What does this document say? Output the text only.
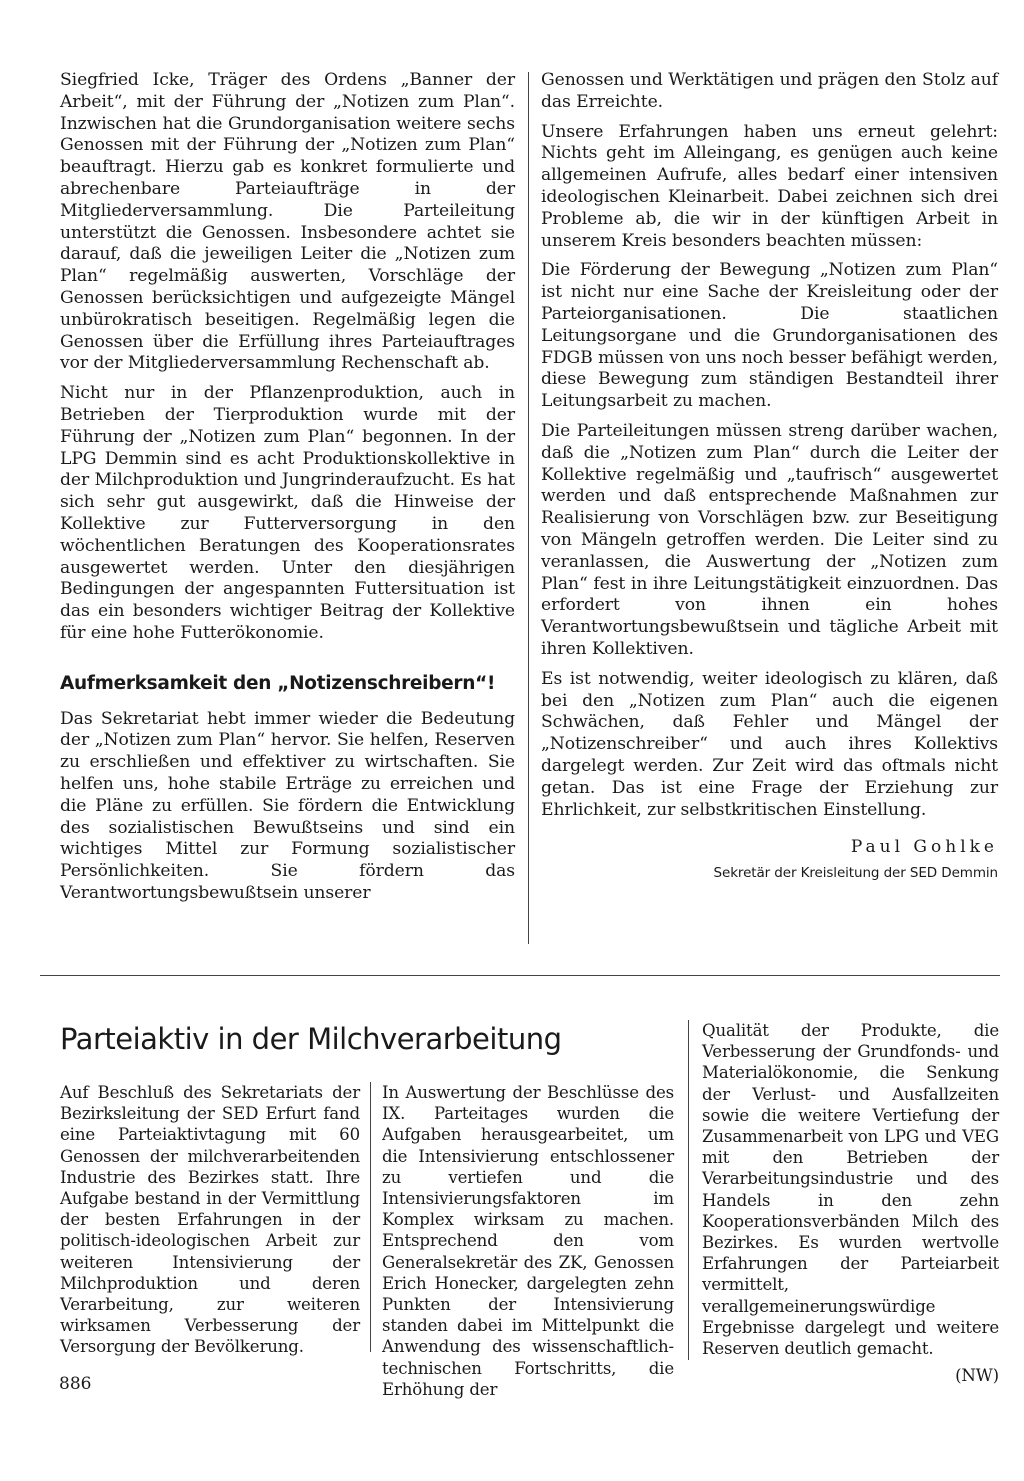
Siegfried Icke, Träger des Ordens „Banner der Arbeit“, mit der Führung der „Notizen zum Plan“. Inzwischen hat die Grundorganisation weitere sechs Genossen mit der Führung der „Notizen zum Plan“ beauftragt. Hierzu gab es konkret formulierte und abrechenbare Parteiaufträge in der Mitgliederversammlung. Die Parteileitung unterstützt die Genossen. Insbesondere achtet sie darauf, daß die jeweiligen Leiter die „Notizen zum Plan“ regelmäßig auswerten, Vorschläge der Genossen berücksichtigen und aufgezeigte Mängel unbürokratisch beseitigen. Regelmäßig legen die Genossen über die Erfüllung ihres Parteiauftrages vor der Mitgliederversammlung Rechenschaft ab.

Nicht nur in der Pflanzenproduktion, auch in Betrieben der Tierproduktion wurde mit der Führung der „Notizen zum Plan“ begonnen. In der LPG Demmin sind es acht Produktionskollektive in der Milchproduktion und Jungrinderaufzucht. Es hat sich sehr gut ausgewirkt, daß die Hinweise der Kollektive zur Futterversorgung in den wöchentlichen Beratungen des Kooperationsrates ausgewertet werden. Unter den diesjährigen Bedingungen der angespannten Futtersituation ist das ein besonders wichtiger Beitrag der Kollektive für eine hohe Futterökonomie.

Aufmerksamkeit den „Notizenschreibern“!

Das Sekretariat hebt immer wieder die Bedeutung der „Notizen zum Plan“ hervor. Sie helfen, Reserven zu erschließen und effektiver zu wirtschaften. Sie helfen uns, hohe stabile Erträge zu erreichen und die Pläne zu erfüllen. Sie fördern die Entwicklung des sozialistischen Bewußtseins und sind ein wichtiges Mittel zur Formung sozialistischer Persönlichkeiten. Sie fördern das Verantwortungsbewußtsein unserer

Genossen und Werktätigen und prägen den Stolz auf das Erreichte.

Unsere Erfahrungen haben uns erneut gelehrt: Nichts geht im Alleingang, es genügen auch keine allgemeinen Aufrufe, alles bedarf einer intensiven ideologischen Kleinarbeit. Dabei zeichnen sich drei Probleme ab, die wir in der künftigen Arbeit in unserem Kreis besonders beachten müssen:

Die Förderung der Bewegung „Notizen zum Plan“ ist nicht nur eine Sache der Kreisleitung oder der Parteiorganisationen. Die staatlichen Leitungsorgane und die Grundorganisationen des FDGB müssen von uns noch besser befähigt werden, diese Bewegung zum ständigen Bestandteil ihrer Leitungsarbeit zu machen.

Die Parteileitungen müssen streng darüber wachen, daß die „Notizen zum Plan“ durch die Leiter der Kollektive regelmäßig und „taufrisch“ ausgewertet werden und daß entsprechende Maßnahmen zur Realisierung von Vorschlägen bzw. zur Beseitigung von Mängeln getroffen werden. Die Leiter sind zu veranlassen, die Auswertung der „Notizen zum Plan“ fest in ihre Leitungstätigkeit einzuordnen. Das erfordert von ihnen ein hohes Verantwortungsbewußtsein und tägliche Arbeit mit ihren Kollektiven.

Es ist notwendig, weiter ideologisch zu klären, daß bei den „Notizen zum Plan“ auch die eigenen Schwächen, daß Fehler und Mängel der „Notizenschreiber“ und auch ihres Kollektivs dargelegt werden. Zur Zeit wird das oftmals nicht getan. Das ist eine Frage der Erziehung zur Ehrlichkeit, zur selbstkritischen Einstellung.

Paul Gohlke
Sekretär der Kreisleitung der SED Demmin
Parteiaktiv in der Milchverarbeitung

Auf Beschluß des Sekretariats der Bezirksleitung der SED Erfurt fand eine Parteiaktivtagung mit 60 Genossen der milchverarbeitenden Industrie des Bezirkes statt. Ihre Aufgabe bestand in der Vermittlung der besten Erfahrungen in der politisch-ideologischen Arbeit zur weiteren Intensivierung der Milchproduktion und deren Verarbeitung, zur weiteren wirksamen Verbesserung der Versorgung der Bevölkerung.

In Auswertung der Beschlüsse des IX. Parteitages wurden die Aufgaben herausgearbeitet, um die Intensivierung entschlossener zu vertiefen und die Intensivierungsfaktoren im Komplex wirksam zu machen. Entsprechend den vom Generalsekretär des ZK, Genossen Erich Honecker, dargelegten zehn Punkten der Intensivierung standen dabei im Mittelpunkt die Anwendung des wissenschaftlich-technischen Fortschritts, die Erhöhung der

Qualität der Produkte, die Verbesserung der Grundfonds- und Materialökonomie, die Senkung der Verlust- und Ausfallzeiten sowie die weitere Vertiefung der Zusammenarbeit von LPG und VEG mit den Betrieben der Verarbeitungsindustrie und des Handels in den zehn Kooperationsverbänden Milch des Bezirkes. Es wurden wertvolle Erfahrungen der Parteiarbeit vermittelt, verallgemeinerungswürdige Ergebnisse dargelegt und weitere Reserven deutlich gemacht.

(NW)
886
